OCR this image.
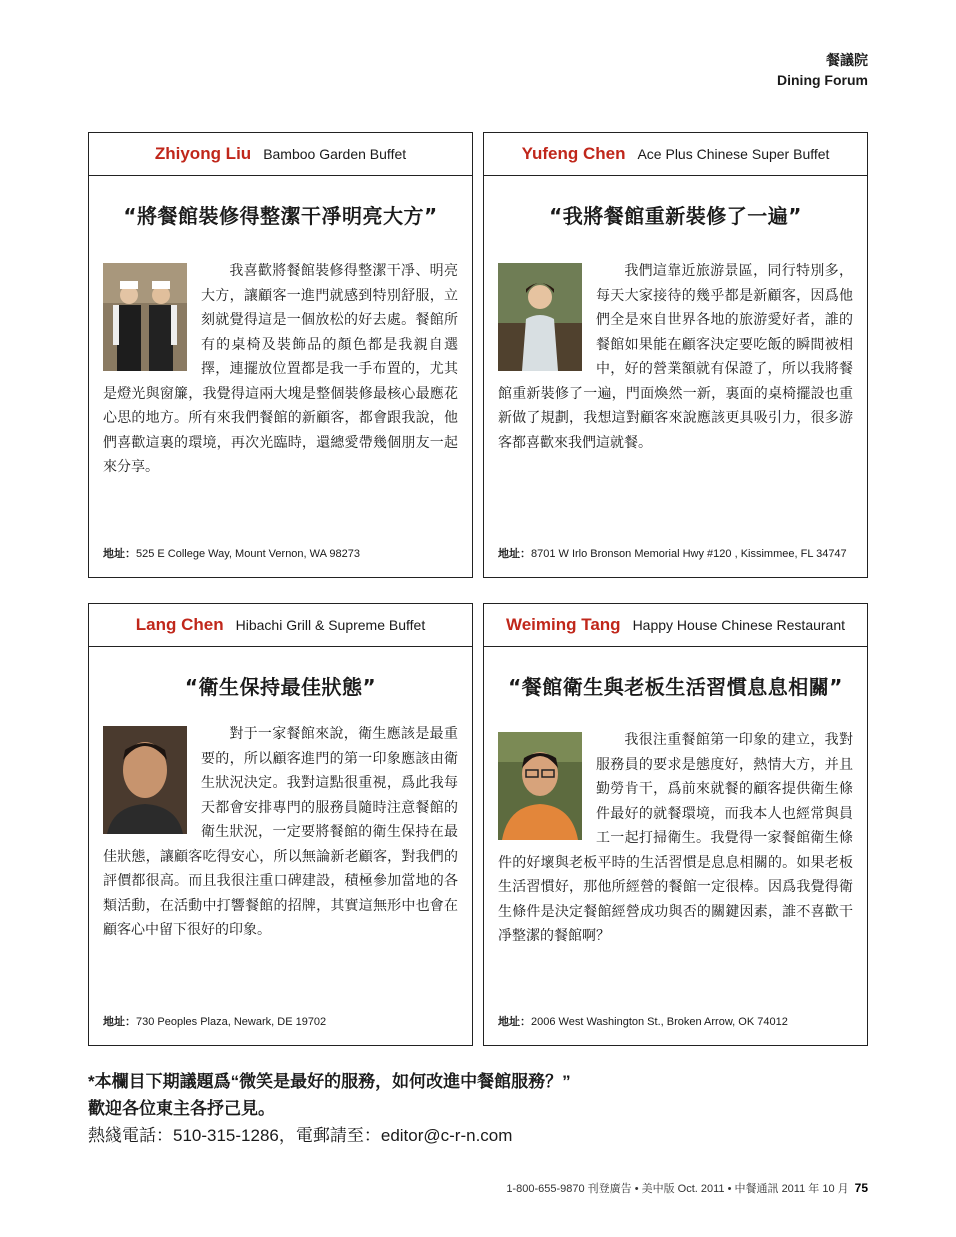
餐議院
Dining Forum
Zhiyong Liu Bamboo Garden Buffet
“將餐館裝修得整潔干凈明亮大方”
我喜歡將餐館裝修得整潔干凈、明亮大方，讓顧客一進門就感到特別舒服，立刻就覺得這是一個放松的好去處。餐館所有的桌椅及裝飾品的顏色都是我親自選擇，連擺放位置都是我一手布置的，尤其是燈光與窗簾，我覺得這兩大塊是整個裝修最核心最應花心思的地方。所有來我們餐館的新顧客，都會跟我說，他們喜歡這裏的環境，再次光臨時，還總愛帶幾個朋友一起來分享。
地址：525 E College Way, Mount Vernon, WA 98273
Yufeng Chen Ace Plus Chinese Super Buffet
“我將餐館重新裝修了一遍”
我們這靠近旅游景區，同行特別多，每天大家接待的幾乎都是新顧客，因爲他們全是來自世界各地的旅游愛好者，誰的餐館如果能在顧客決定要吃飯的瞬間被相中，好的營業額就有保證了，所以我將餐館重新裝修了一遍，門面煥然一新，裏面的桌椅擺設也重新做了規劃，我想這對顧客來說應該更具吸引力，很多游客都喜歡來我們這就餐。
地址：8701 W Irlo Bronson Memorial Hwy #120 , Kissimmee, FL 34747
Lang Chen Hibachi Grill & Supreme Buffet
“衛生保持最佳狀態”
對于一家餐館來說，衛生應該是最重要的，所以顧客進門的第一印象應該由衛生狀況決定。我對這點很重視，爲此我每天都會安排專門的服務員隨時注意餐館的衛生狀況，一定要將餐館的衛生保持在最佳狀態，讓顧客吃得安心，所以無論新老顧客，對我們的評價都很高。而且我很注重口碑建設，積極參加當地的各類活動，在活動中打響餐館的招牌，其實這無形中也會在顧客心中留下很好的印象。
地址：730 Peoples Plaza, Newark, DE 19702
Weiming Tang Happy House Chinese Restaurant
“餐館衛生與老板生活習慣息息相關”
我很注重餐館第一印象的建立，我對服務員的要求是態度好，熱情大方，并且勤勞肯干，爲前來就餐的顧客提供衛生條件最好的就餐環境，而我本人也經常與員工一起打掃衛生。我覺得一家餐館衛生條件的好壞與老板平時的生活習慣是息息相關的。如果老板生活習慣好，那他所經營的餐館一定很棒。因爲我覺得衛生條件是決定餐館經營成功與否的關鍵因素，誰不喜歡干凈整潔的餐館啊？
地址：2006 West Washington St., Broken Arrow, OK 74012
*本欄目下期議題爲“微笑是最好的服務，如何改進中餐館服務？”
歡迎各位東主各抒己見。
熱綫電話：510-315-1286，電郵請至：editor@c-r-n.com
1-800-655-9870 刊登廣告 • 美中版 Oct. 2011 • 中餐通訊 2011 年 10 月 75
